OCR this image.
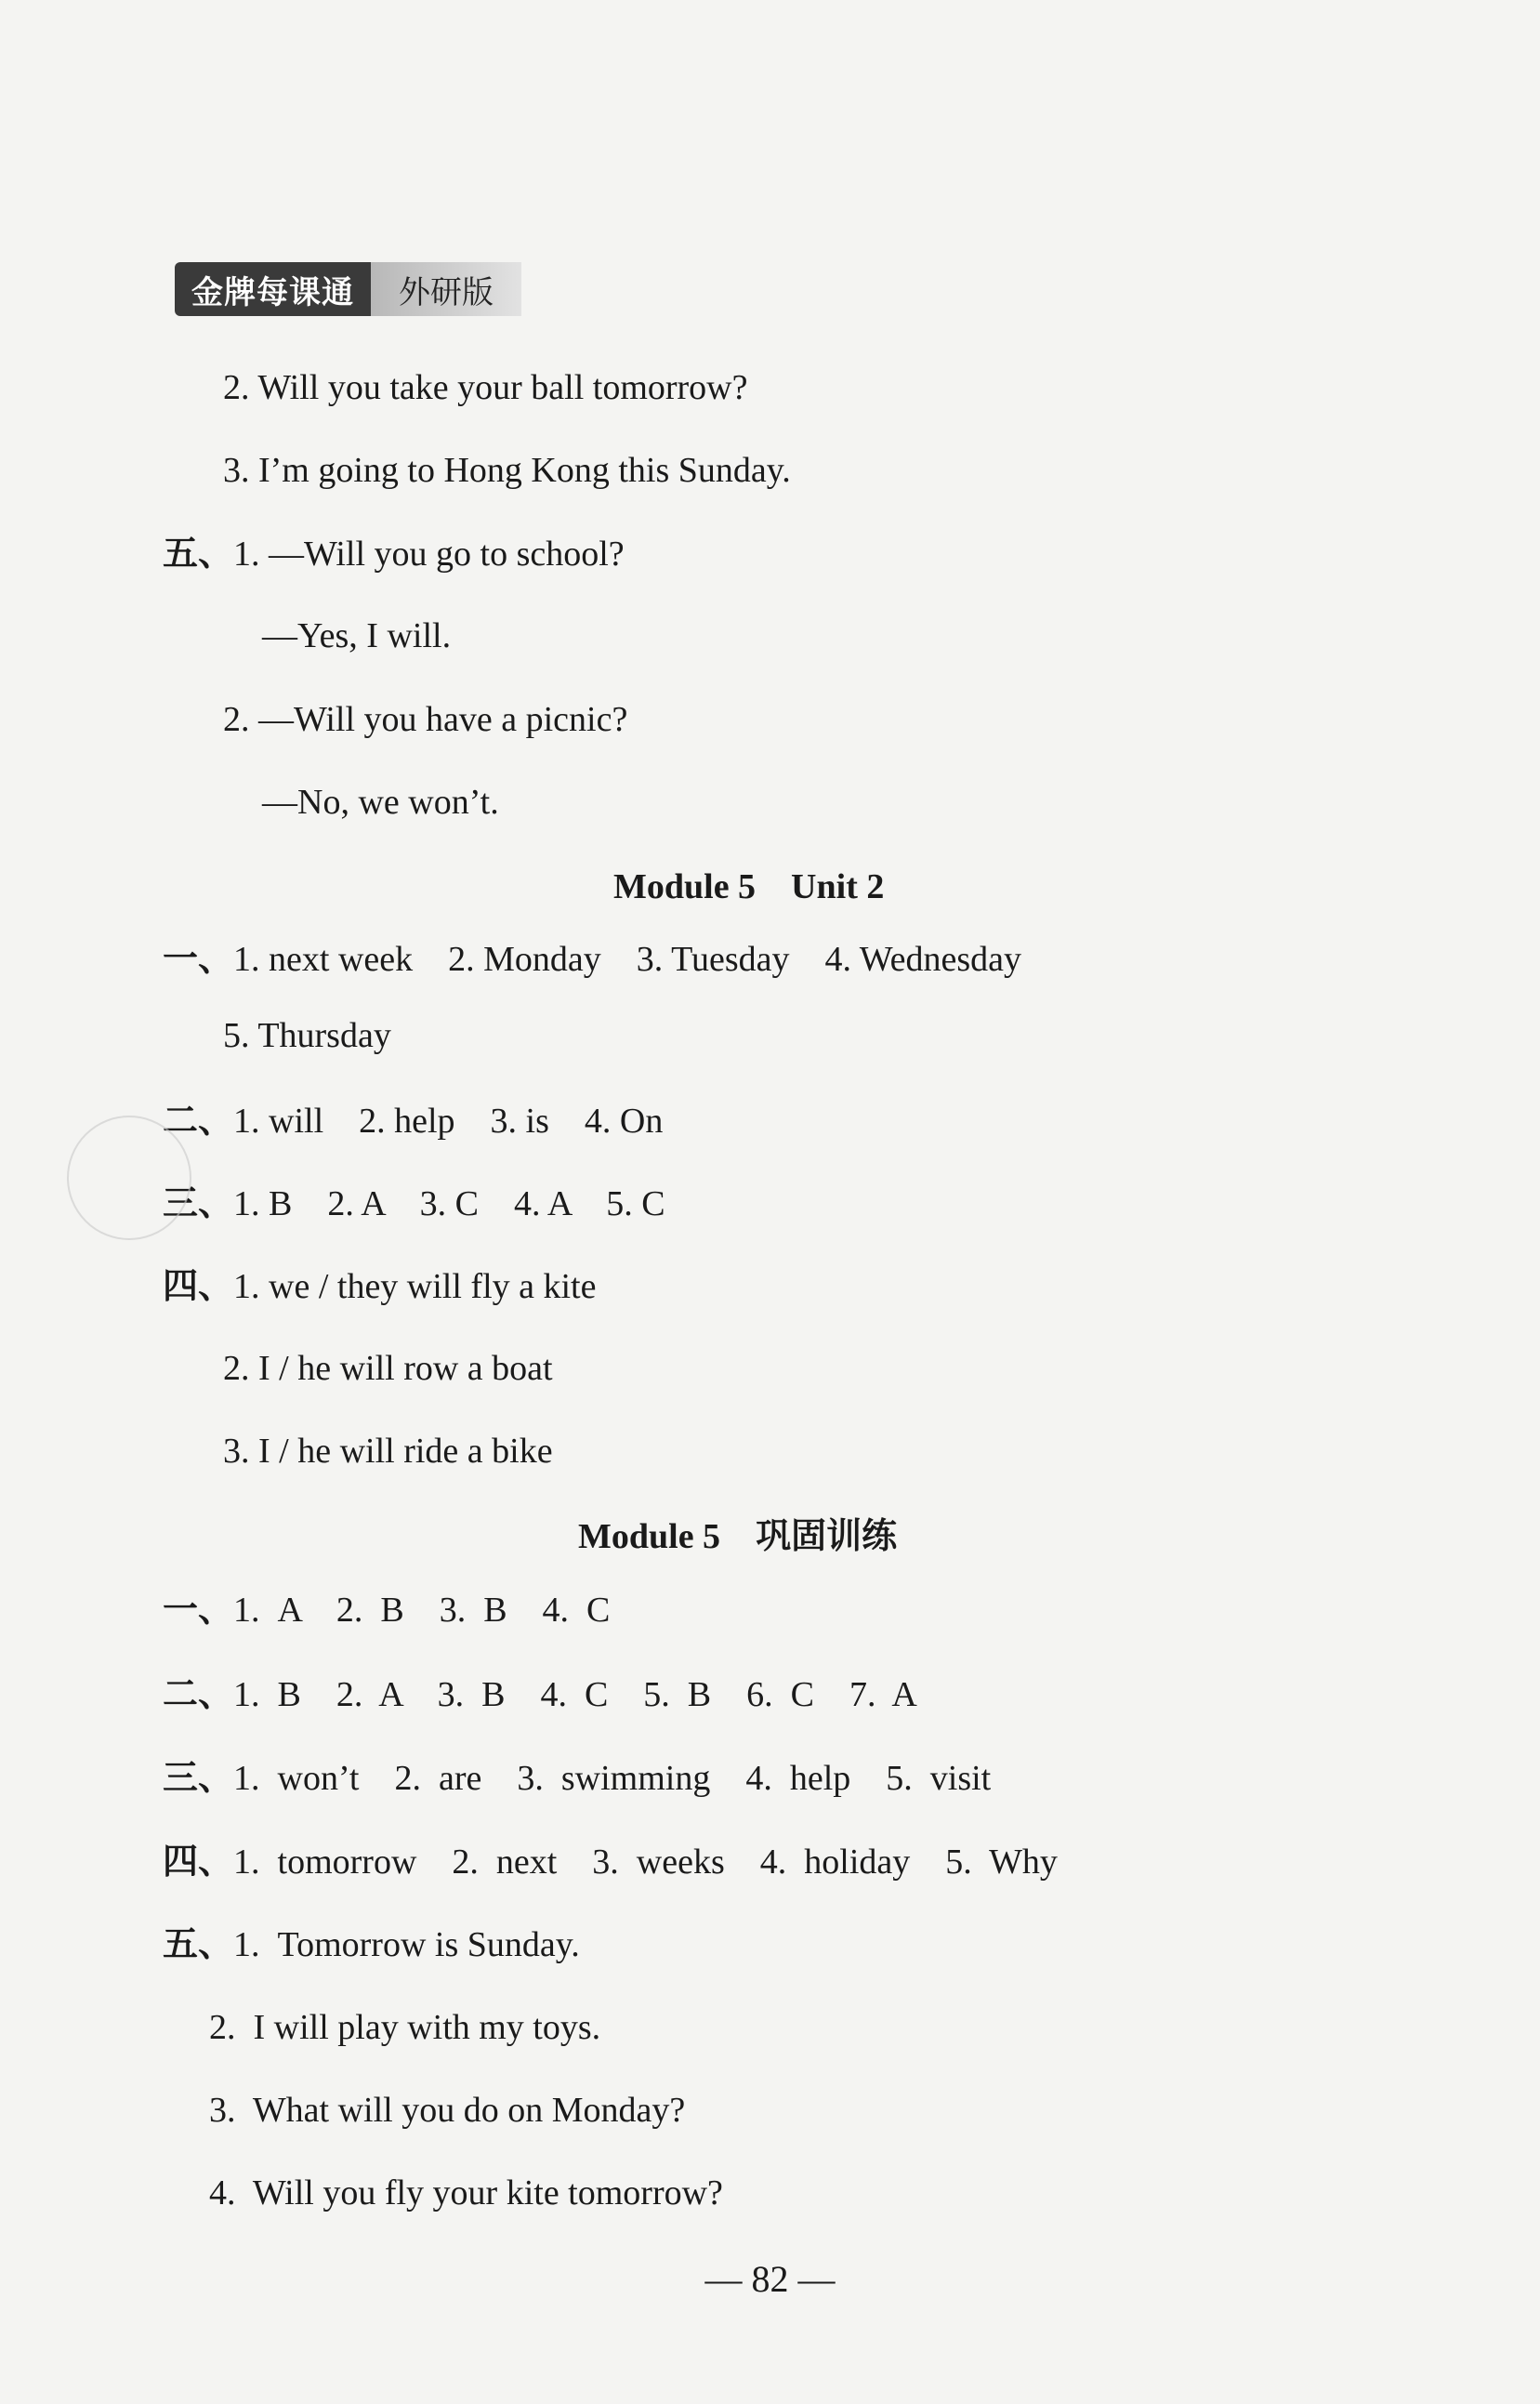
金牌每课通	外研版
2. Will you take your ball tomorrow?
3. I’m going to Hong Kong this Sunday.
五、1. —Will you go to school?
—Yes, I will.
2. —Will you have a picnic?
—No, we won’t.
Module 5    Unit 2
一、1. next week    2. Monday    3. Tuesday    4. Wednesday
5. Thursday
二、1. will    2. help    3. is    4. On
三、1. B    2. A    3. C    4. A    5. C
四、1. we / they will fly a kite
2. I / he will row a boat
3. I / he will ride a bike
Module 5 巩固训练
一、1.  A    2.  B    3.  B    4.  C
二、1.  B    2.  A    3.  B    4.  C    5.  B    6.  C    7.  A
三、1.  won’t    2.  are    3.  swimming    4.  help    5.  visit
四、1.  tomorrow    2.  next    3.  weeks    4.  holiday    5.  Why
五、1.  Tomorrow is Sunday.
2.  I will play with my toys.
3.  What will you do on Monday?
4.  Will you fly your kite tomorrow?
— 82 —
